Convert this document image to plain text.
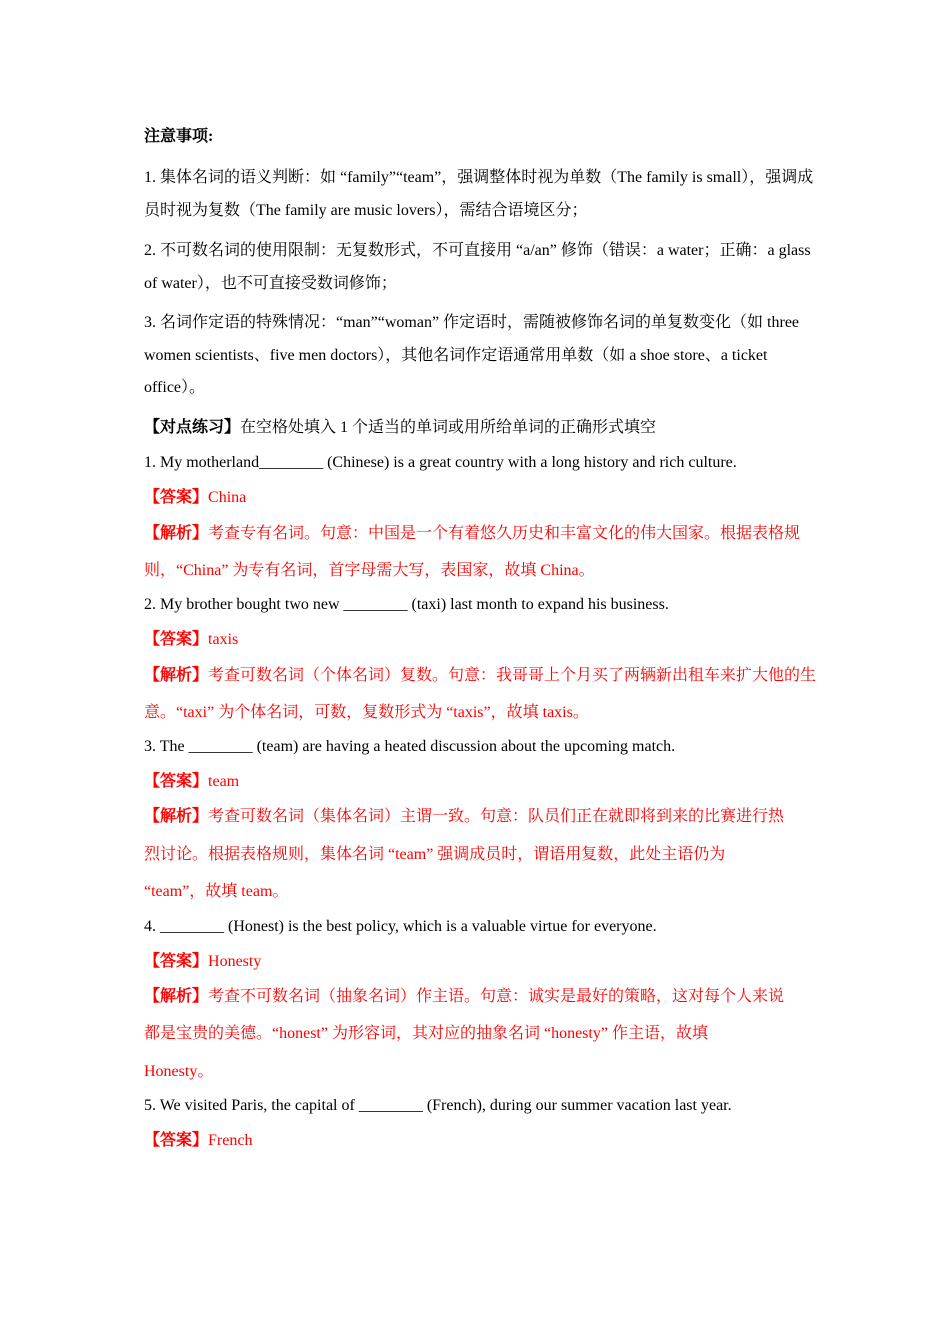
注意事项:
1. 集体名词的语义判断：如 “family”“team”，强调整体时视为单数（The family is small），强调成员时视为复数（The family are music lovers），需结合语境区分；
2. 不可数名词的使用限制：无复数形式，不可直接用 “a/an” 修饰（错误：a water；正确：a glass of water），也不可直接受数词修饰；
3. 名词作定语的特殊情况：“man”“woman” 作定语时，需随被修饰名词的单复数变化（如 three women scientists、five men doctors），其他名词作定语通常用单数（如 a shoe store、a ticket office）。
【对点练习】在空格处填入 1 个适当的单词或用所给单词的正确形式填空
1. My motherland________ (Chinese) is a great country with a long history and rich culture.
【答案】China
【解析】考查专有名词。句意：中国是一个有着悠久历史和丰富文化的伟大国家。根据表格规则，“China” 为专有名词，首字母需大写，表国家，故填 China。
2. My brother bought two new ________ (taxi) last month to expand his business.
【答案】taxis
【解析】考查可数名词（个体名词）复数。句意：我哥哥上个月买了两辆新出租车来扩大他的生意。“taxi” 为个体名词，可数，复数形式为 “taxis”，故填 taxis。
3. The ________ (team) are having a heated discussion about the upcoming match.
【答案】team
【解析】考查可数名词（集体名词）主谓一致。句意：队员们正在就即将到来的比赛进行热
烈讨论。根据表格规则，集体名词 “team” 强调成员时，谓语用复数，此处主语仍为
“team”，故填 team。
4. ________ (Honest) is the best policy, which is a valuable virtue for everyone.
【答案】Honesty
【解析】考查不可数名词（抽象名词）作主语。句意：诚实是最好的策略，这对每个人来说
都是宝贵的美德。“honest” 为形容词，其对应的抽象名词 “honesty” 作主语，故填
Honesty。
5. We visited Paris, the capital of ________ (French), during our summer vacation last year.
【答案】French
